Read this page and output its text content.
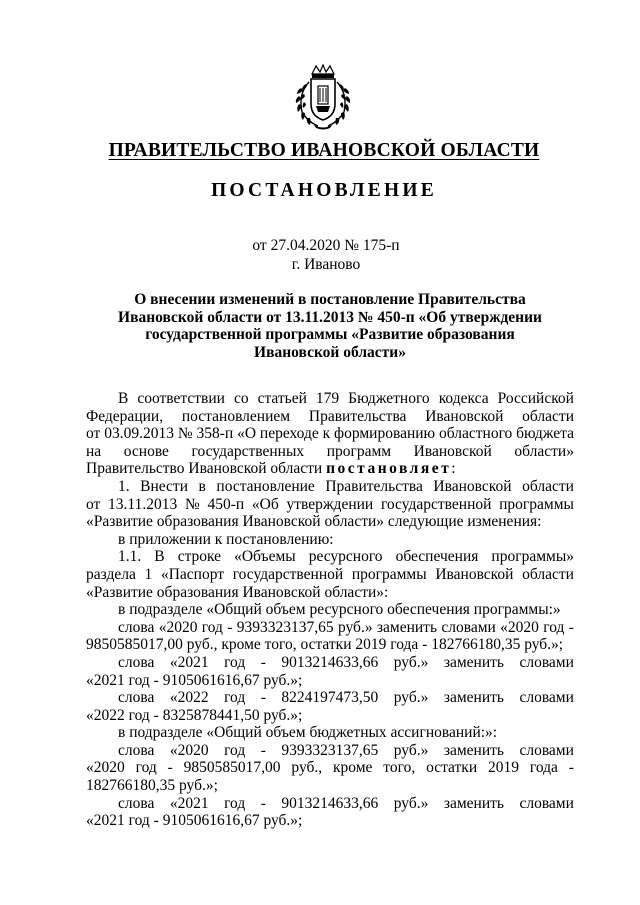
ПРАВИТЕЛЬСТВО ИВАНОВСКОЙ ОБЛАСТИ
ПОСТАНОВЛЕНИЕ
от 27.04.2020 № 175-п
г. Иваново
О внесении изменений в постановление Правительства
Ивановской области от 13.11.2013 № 450-п «Об утверждении
государственной программы «Развитие образования
Ивановской области»
В соответствии со статьей 179 Бюджетного кодекса Российской
Федерации, постановлением Правительства Ивановской области
от 03.09.2013 № 358-п «О переходе к формированию областного бюджета
на основе государственных программ Ивановской области»
Правительство Ивановской области постановляет:
1. Внести в постановление Правительства Ивановской области
от 13.11.2013 № 450-п «Об утверждении государственной программы
«Развитие образования Ивановской области» следующие изменения:
в приложении к постановлению:
1.1. В строке «Объемы ресурсного обеспечения программы»
раздела 1 «Паспорт государственной программы Ивановской области
«Развитие образования Ивановской области»:
в подразделе «Общий объем ресурсного обеспечения программы:»
слова «2020 год - 9393323137,65 руб.» заменить словами «2020 год -
9850585017,00 руб., кроме того, остатки 2019 года - 182766180,35 руб.»;
слова «2021 год - 9013214633,66 руб.» заменить словами
«2021 год - 9105061616,67 руб.»;
слова «2022 год - 8224197473,50 руб.» заменить словами
«2022 год - 8325878441,50 руб.»;
в подразделе «Общий объем бюджетных ассигнований:»:
слова «2020 год - 9393323137,65 руб.» заменить словами
«2020 год - 9850585017,00 руб., кроме того, остатки 2019 года -
182766180,35 руб.»;
слова «2021 год - 9013214633,66 руб.» заменить словами
«2021 год - 9105061616,67 руб.»;
